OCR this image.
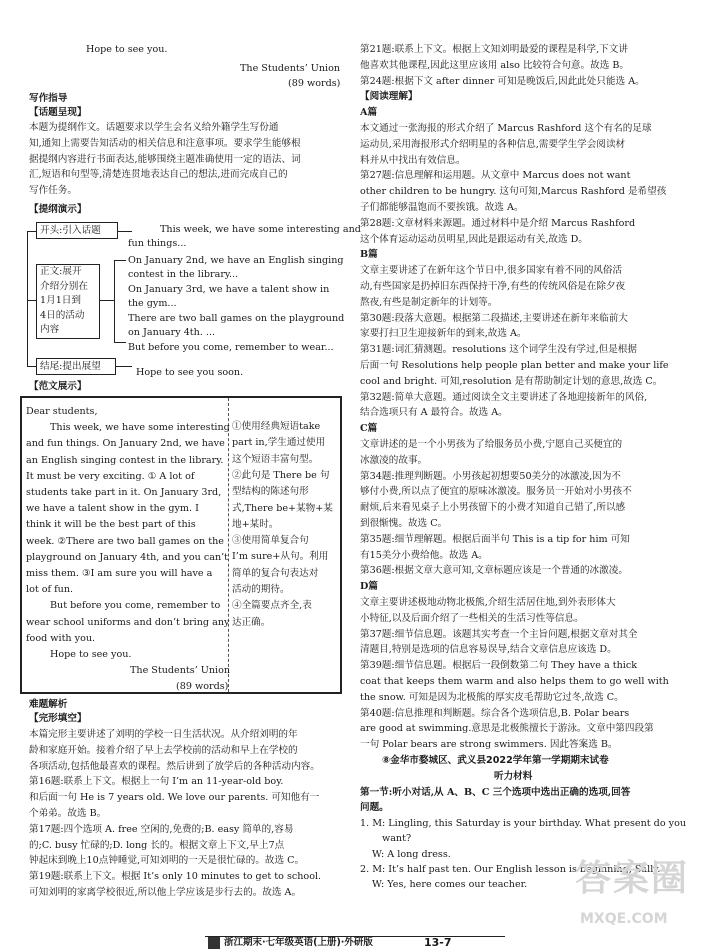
Hope to see you.
The Students’ Union
(89 words)
写作指导
【话题呈现】
本题为提纲作文。话题要求以学生会名义给外籍学生写份通
知,通知上需要告知活动的相关信息和注意事项。要求学生能够根
据提纲内容进行书面表达,能够围绕主题准确使用一定的语法、词
汇,短语和句型等,清楚连贯地表达自己的想法,进而完成自己的
写作任务。
【提纲演示】
开头:引入话题
正文:展开
介绍分别在
1月1日到
4日的活动
内容
结尾:提出展望
This week, we have some interesting and
fun things...
On January 2nd, we have an English singing
contest in the library...
On January 3rd, we have a talent show in
the gym...
There are two ball games on the playground
on January 4th. ...
But before you come, remember to wear...
Hope to see you soon.
【范文展示】
Dear students,
This week, we have some interesting
and fun things. On January 2nd, we have
an English singing contest in the library.
It must be very exciting. ① A lot of
students take part in it. On January 3rd,
we have a talent show in the gym. I
think it will be the best part of this
week. ②There are two ball games on the
playground on January 4th, and you can’t
miss them. ③I am sure you will have a
lot of fun.
But before you come, remember to
wear school uniforms and don’t bring any
food with you.
Hope to see you.
The Students’ Union
(89 words)
①使用经典短语take
part in,学生通过使用
这个短语丰富句型。
②此句是 There be 句
型结构的陈述句形
式,There be+某物+某
地+某时。
③使用简单复合句
I’m sure+从句。利用
简单的复合句表达对
活动的期待。
④全篇要点齐全,表
达正确。
难题解析
【完形填空】
本篇完形主要讲述了刘明的学校一日生活状况。从介绍刘明的年
龄和家庭开始。接着介绍了早上去学校前的活动和早上在学校的
各项活动,包括他最喜欢的课程。然后讲到了放学后的各种活动内容。
第16题:联系上下文。根据上一句 I’m an 11-year-old boy.
和后面一句 He is 7 years old. We love our parents. 可知他有一
个弟弟。故选 B。
第17题:四个选项 A. free 空闲的,免费的;B. easy 简单的,容易
的;C. busy 忙碌的;D. long 长的。根据文章上下文,早上7点
钟起床到晚上10点钟睡觉,可知刘明的一天是很忙碌的。故选 C。
第19题:联系上下文。根据 It’s only 10 minutes to get to school.
可知刘明的家离学校很近,所以他上学应该是步行去的。故选 A。
第21题:联系上下文。根据上文知刘明最爱的课程是科学,下文讲
他喜欢其他课程,因此这里应该用 also 比较符合句意。故选 B。
第24题:根据下文 after dinner 可知是晚饭后,因此此处只能选 A。
【阅读理解】
A篇
本文通过一张海报的形式介绍了 Marcus Rashford 这个有名的足球
运动员,采用海报形式介绍明星的各种信息,需要学生学会阅读材
料并从中找出有效信息。
第27题:信息理解和运用题。从文章中 Marcus does not want
other children to be hungry. 这句可知,Marcus Rashford 是希望孩
子们都能够温饱而不要挨饿。故选 A。
第28题:文章材料来源题。通过材料中是介绍 Marcus Rashford
这个体育运动运动员明星,因此是跟运动有关,故选 D。
B篇
文章主要讲述了在新年这个节日中,很多国家有着不同的风俗活
动,有些国家是扔掉旧东西保持干净,有些的传统风俗是在除夕夜
熬夜,有些是制定新年的计划等。
第30题:段落大意题。根据第二段描述,主要讲述在新年来临前大
家要打扫卫生迎接新年的到来,故选 A。
第31题:词汇猜测题。resolutions 这个词学生没有学过,但是根据
后面一句 Resolutions help people plan better and make your life
cool and bright. 可知,resolution 是有帮助制定计划的意思,故选 C。
第32题:简单大意题。通过阅读全文主要讲述了各地迎接新年的风俗,
结合选项只有 A 最符合。故选 A。
C篇
文章讲述的是一个小男孩为了给服务员小费,宁愿自己买便宜的
冰激凌的故事。
第34题:推理判断题。小男孩起初想要50美分的冰激凌,因为不
够付小费,所以点了便宜的原味冰激凌。服务员一开始对小男孩不
耐烦,后来看见桌子上小男孩留下的小费才知道自己错了,所以感
到很惭愧。故选 C。
第35题:细节理解题。根据后面半句 This is a tip for him 可知
有15美分小费给他。故选 A。
第36题:根据文章大意可知,文章标题应该是一个普通的冰激凌。
D篇
文章主要讲述极地动物北极熊,介绍生活居住地,到外表形体大
小特征,以及后面介绍了一些相关的生活习性等信息。
第37题:细节信息题。该题其实考查一个主旨问题,根据文章对其全
清题目,特别是选项的信息容易误导,结合文章信息应该选 D。
第39题:细节信息题。根据后一段倒数第二句 They have a thick
coat that keeps them warm and also helps them to go well with
the snow. 可知是因为北极熊的厚实皮毛帮助它过冬,故选 C。
第40题:信息推理和判断题。综合各个选项信息,B. Polar bears
are good at swimming.意思是北极熊擅长于游泳。文章中第四段第
一句 Polar bears are strong swimmers. 因此答案选 B。
⑧金华市婺城区、武义县2022学年第一学期期末试卷
听力材料
第一节:听小对话,从 A、B、C 三个选项中选出正确的选项,回答
问题。
1. M: Lingling, this Saturday is your birthday. What present do you
want?
W: A long dress.
2. M: It’s half past ten. Our English lesson is beginning, Sally.
W: Yes, here comes our teacher. 答案圈
MXQE.COM
浙江期末·七年级英语(上册)·外研版	13-7
